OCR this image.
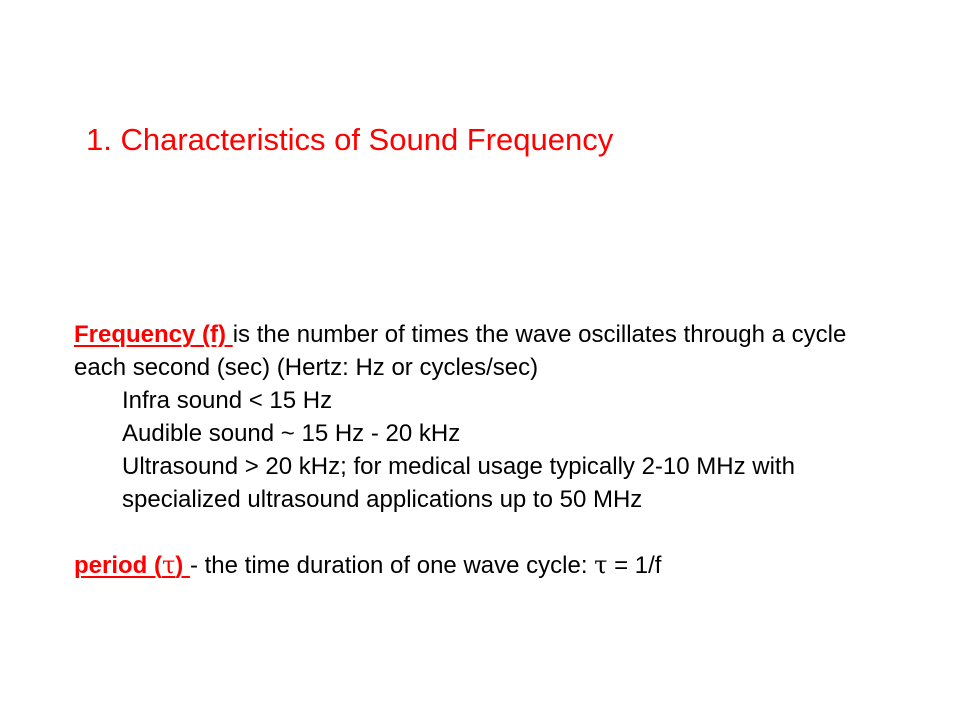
1. Characteristics of Sound Frequency

Frequency (f) is the number of times the wave oscillates through a cycle each second (sec) (Hertz: Hz or cycles/sec)

Infra sound < 15 Hz

Audible sound ~ 15 Hz - 20 kHz

Ultrasound > 20 kHz; for medical usage typically 2-10 MHz with specialized ultrasound applications up to 50 MHz

period (τ) - the time duration of one wave cycle: τ = 1/f
